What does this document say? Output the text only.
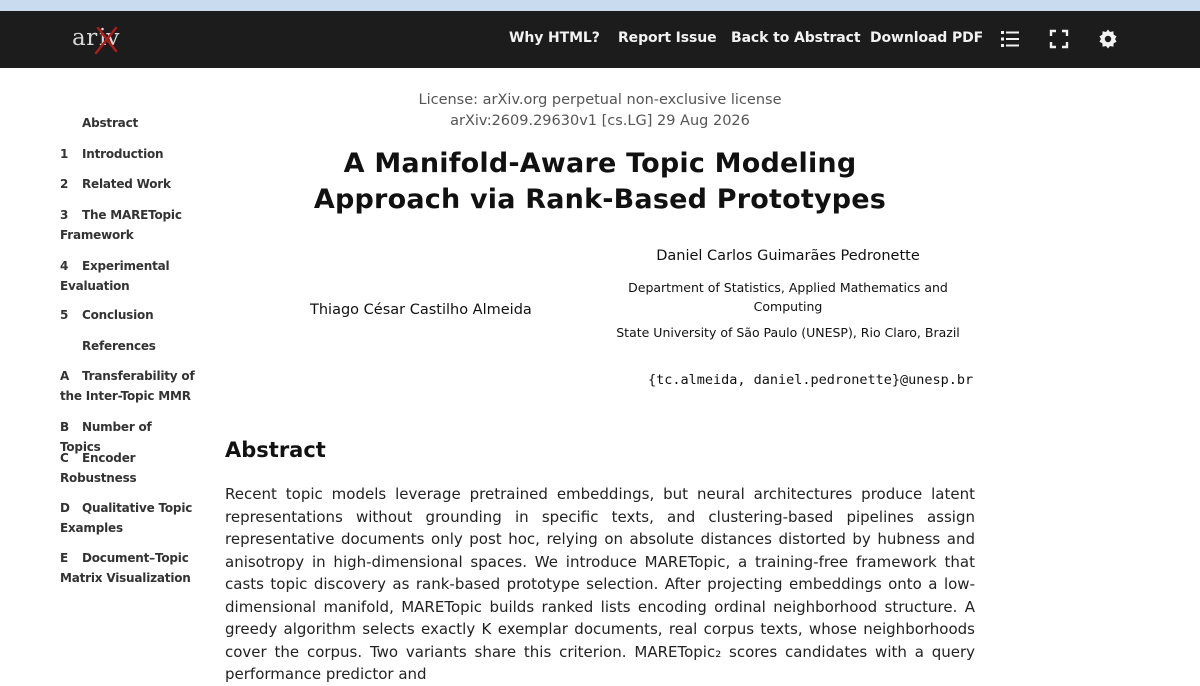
ar iv	Why HTML? Report Issue Back to Abstract Download PDF
Abstract
1 Introduction
2 Related Work
3 The MARETopic Framework
4 Experimental Evaluation
5 Conclusion
References
A Transferability of the Inter-Topic MMR
B Number of Topics
C Encoder Robustness
D Qualitative Topic Examples
E Document–Topic Matrix Visualization
License: arXiv.org perpetual non-exclusive license
arXiv:2609.29630v1 [cs.LG] 29 Aug 2026
A Manifold-Aware Topic Modeling
Approach via Rank-Based Prototypes
Thiago César Castilho Almeida
Daniel Carlos Guimarães Pedronette
Department of Statistics, Applied Mathematics and
Computing
State University of São Paulo (UNESP), Rio Claro, Brazil
{tc.almeida, daniel.pedronette}@unesp.br
Abstract

Recent topic models leverage pretrained embeddings, but neural architectures produce latent representations without grounding in specific texts, and clustering-based pipelines assign representative documents only post hoc, relying on absolute distances distorted by hubness and anisotropy in high-dimensional spaces. We introduce MARETopic, a training-free framework that casts topic discovery as rank-based prototype selection. After projecting embeddings onto a low-dimensional manifold, MARETopic builds ranked lists encoding ordinal neighborhood structure. A greedy algorithm selects exactly K exemplar documents, real corpus texts, whose neighborhoods cover the corpus. Two variants share this criterion. MARETopic₂ scores candidates with a query performance predictor and
